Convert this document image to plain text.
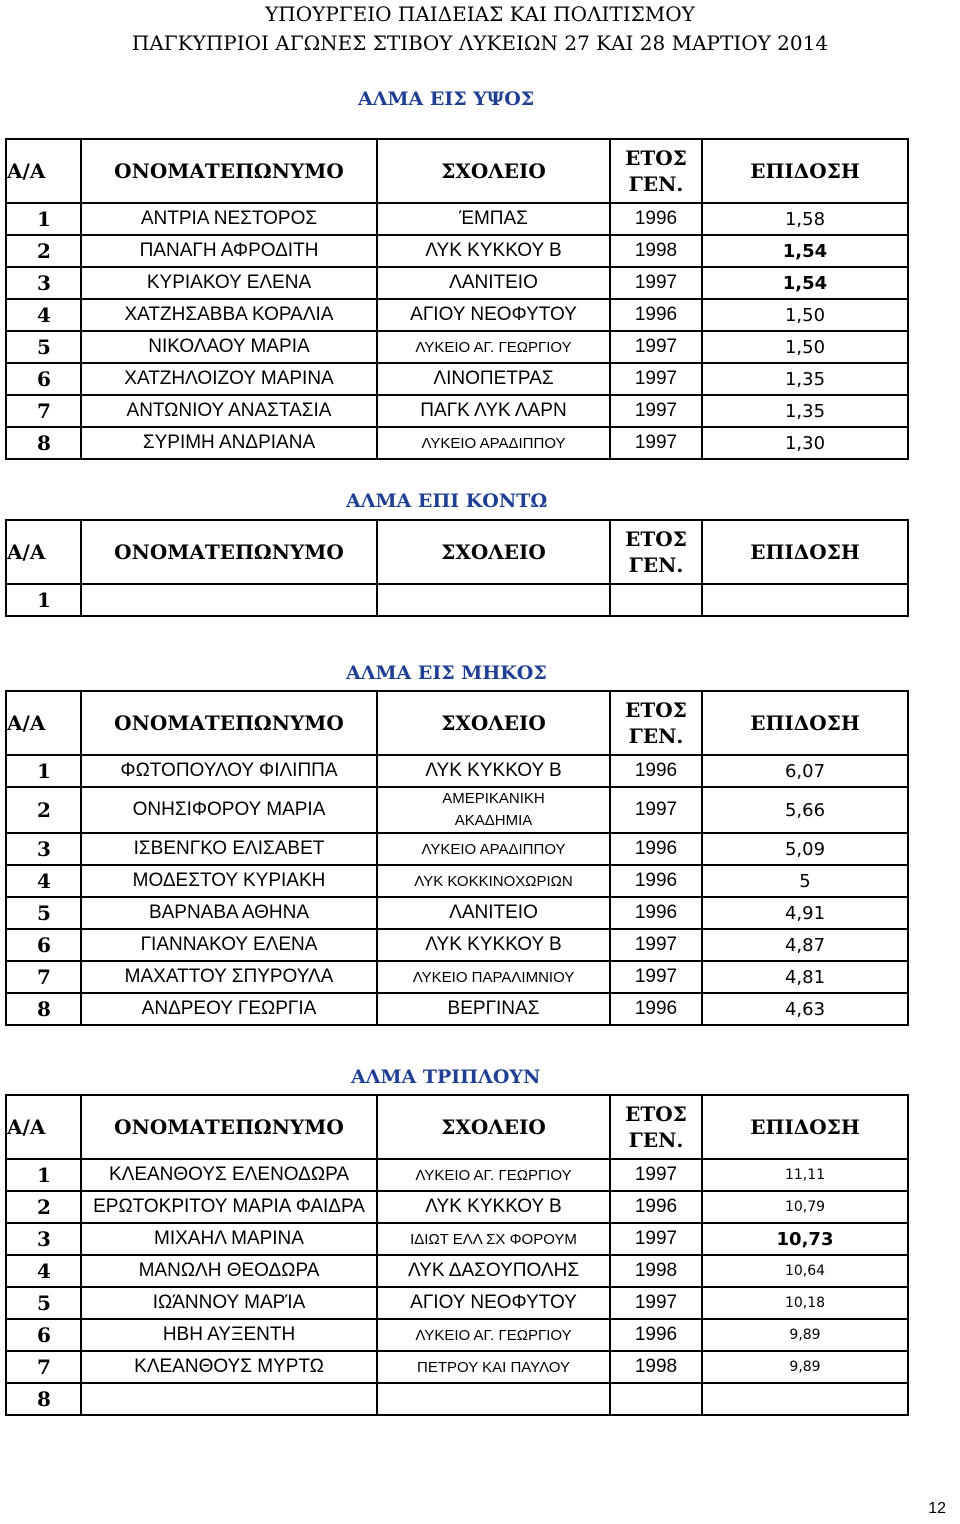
ΥΠΟΥΡΓΕΙΟ ΠΑΙΔΕΙΑΣ ΚΑΙ ΠΟΛΙΤΙΣΜΟΥ
ΠΑΓΚΥΠΡΙΟΙ ΑΓΩΝΕΣ ΣΤΙΒΟΥ ΛΥΚΕΙΩΝ 27 ΚΑΙ 28 ΜΑΡΤΙΟΥ 2014
ΑΛΜΑ ΕΙΣ ΥΨΟΣ
Α/Α	ΟΝΟΜΑΤΕΠΩΝΥΜΟ	ΣΧΟΛΕΙΟ	ΕΤΟΣ
ΓΕΝ.	ΕΠΙΔΟΣΗ
1	ΑΝΤΡΙΑ ΝΕΣΤΟΡΟΣ	ΈΜΠΑΣ	1996	1,58
2	ΠΑΝΑΓΗ ΑΦΡΟΔΙΤΗ	ΛΥΚ ΚΥΚΚΟΥ Β	1998	1,54
3	ΚΥΡΙΑΚΟΥ ΕΛΕΝΑ	ΛΑΝΙΤΕΙΟ	1997	1,54
4	ΧΑΤΖΗΣΑΒΒΑ ΚΟΡΑΛΙΑ	ΑΓΙΟΥ ΝΕΟΦΥΤΟΥ	1996	1,50
5	ΝΙΚΟΛΑΟΥ ΜΑΡΙΑ	ΛΥΚΕΙΟ ΑΓ. ΓΕΩΡΓΙΟΥ	1997	1,50
6	ΧΑΤΖΗΛΟΙΖΟΥ ΜΑΡΙΝΑ	ΛΙΝΟΠΕΤΡΑΣ	1997	1,35
7	ΑΝΤΩΝΙΟΥ ΑΝΑΣΤΑΣΙΑ	ΠΑΓΚ ΛΥΚ ΛΑΡΝ	1997	1,35
8	ΣΥΡΙΜΗ ΑΝΔΡΙΑΝΑ	ΛΥΚΕΙΟ ΑΡΑΔΙΠΠΟΥ	1997	1,30
ΑΛΜΑ ΕΠΙ ΚΟΝΤΩ
Α/Α	ΟΝΟΜΑΤΕΠΩΝΥΜΟ	ΣΧΟΛΕΙΟ	ΕΤΟΣ
ΓΕΝ.	ΕΠΙΔΟΣΗ
1				
ΑΛΜΑ ΕΙΣ ΜΗΚΟΣ
Α/Α	ΟΝΟΜΑΤΕΠΩΝΥΜΟ	ΣΧΟΛΕΙΟ	ΕΤΟΣ
ΓΕΝ.	ΕΠΙΔΟΣΗ
1	ΦΩΤΟΠΟΥΛΟΥ ΦΙΛΙΠΠΑ	ΛΥΚ ΚΥΚΚΟΥ Β	1996	6,07
2	ΟΝΗΣΙΦΟΡΟΥ ΜΑΡΙΑ	ΑΜΕΡΙΚΑΝΙΚΗ
ΑΚΑΔΗΜΙΑ	1997	5,66
3	ΙΣΒΕΝΓΚΟ ΕΛΙΣΑΒΕΤ	ΛΥΚΕΙΟ ΑΡΑΔΙΠΠΟΥ	1996	5,09
4	ΜΟΔΕΣΤΟΥ ΚΥΡΙΑΚΗ	ΛΥΚ ΚΟΚΚΙΝΟΧΩΡΙΩΝ	1996	5
5	ΒΑΡΝΑΒΑ ΑΘΗΝΑ	ΛΑΝΙΤΕΙΟ	1996	4,91
6	ΓΙΑΝΝΑΚΟΥ ΕΛΕΝΑ	ΛΥΚ ΚΥΚΚΟΥ Β	1997	4,87
7	ΜΑΧΑΤΤΟΥ ΣΠΥΡΟΥΛΑ	ΛΥΚΕΙΟ ΠΑΡΑΛΙΜΝΙΟΥ	1997	4,81
8	ΑΝΔΡΕΟΥ ΓΕΩΡΓΙΑ	ΒΕΡΓΙΝΑΣ	1996	4,63
ΑΛΜΑ ΤΡΙΠΛΟΥΝ
Α/Α	ΟΝΟΜΑΤΕΠΩΝΥΜΟ	ΣΧΟΛΕΙΟ	ΕΤΟΣ
ΓΕΝ.	ΕΠΙΔΟΣΗ
1	ΚΛΕΑΝΘΟΥΣ ΕΛΕΝΟΔΩΡΑ	ΛΥΚΕΙΟ ΑΓ. ΓΕΩΡΓΙΟΥ	1997	11,11
2	ΕΡΩΤΟΚΡΙΤΟΥ ΜΑΡΙΑ ΦΑΙΔΡΑ	ΛΥΚ ΚΥΚΚΟΥ Β	1996	10,79
3	ΜΙΧΑΗΛ ΜΑΡΙΝΑ	ΙΔΙΩΤ ΕΛΛ ΣΧ ΦΟΡΟΥΜ	1997	10,73
4	ΜΑΝΩΛΗ ΘΕΟΔΩΡΑ	ΛΥΚ ΔΑΣΟΥΠΟΛΗΣ	1998	10,64
5	ΙΩΆΝΝΟΥ ΜΑΡΊΑ	ΑΓΙΟΥ ΝΕΟΦΥΤΟΥ	1997	10,18
6	ΗΒΗ ΑΥΞΕΝΤΗ	ΛΥΚΕΙΟ ΑΓ. ΓΕΩΡΓΙΟΥ	1996	9,89
7	ΚΛΕΑΝΘΟΥΣ ΜΥΡΤΩ	ΠΕΤΡΟΥ ΚΑΙ ΠΑΥΛΟΥ	1998	9,89
8				
12
